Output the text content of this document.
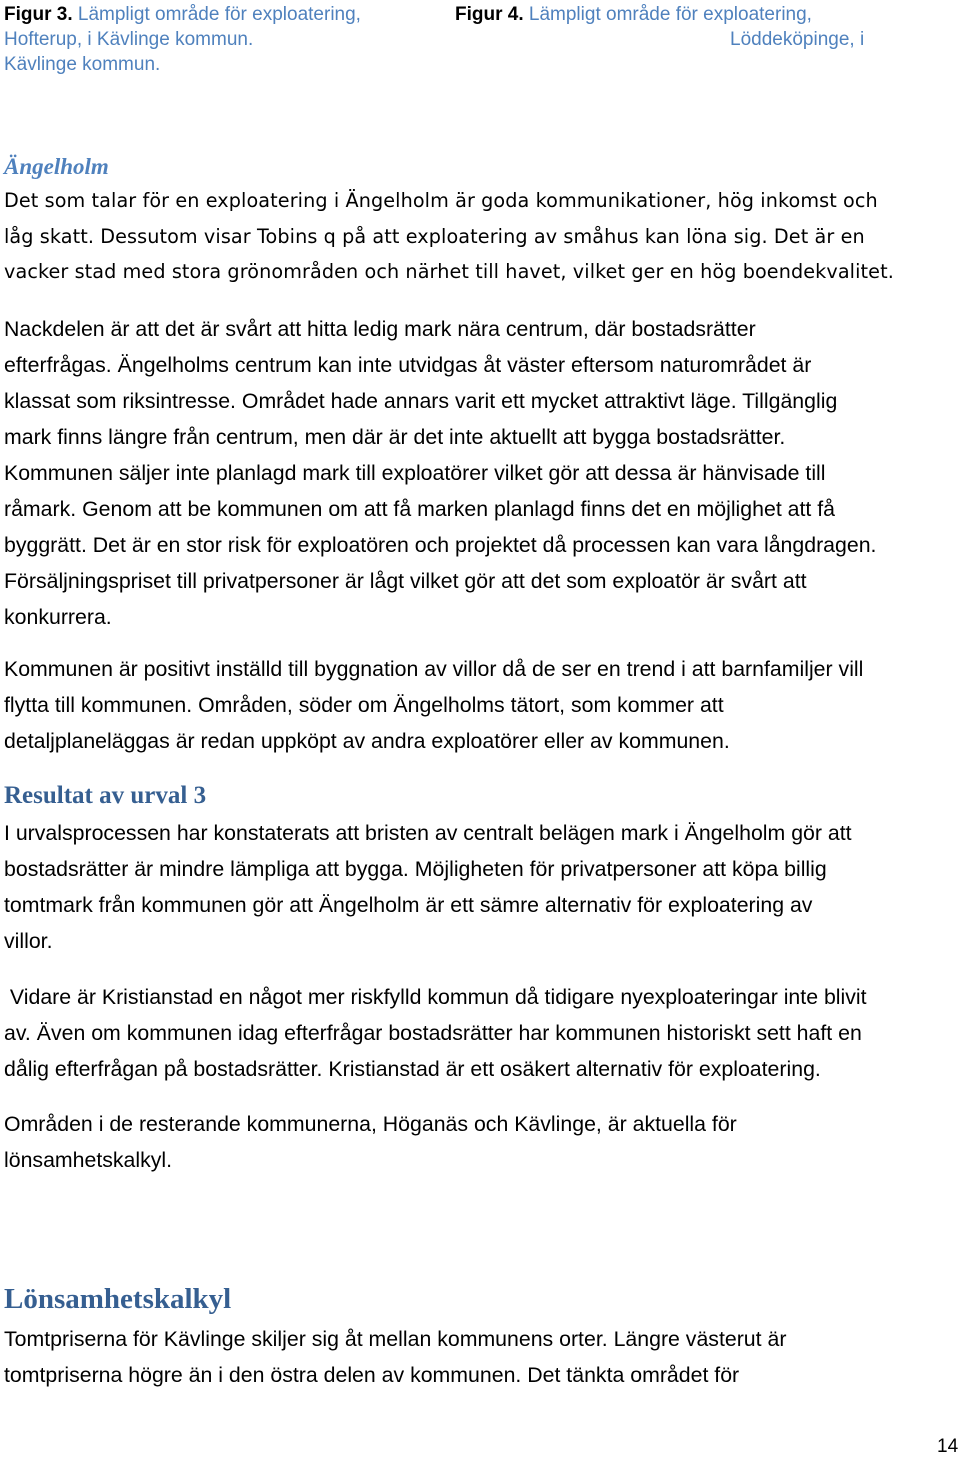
Figur 3. Lämpligt område för exploatering,
Hofterup, i Kävlinge kommun.
Kävlinge kommun.
Figur 4. Lämpligt område för exploatering,
Löddeköpinge, i
Ängelholm
Det som talar för en exploatering i Ängelholm är goda kommunikationer, hög inkomst och
låg skatt. Dessutom visar Tobins q på att exploatering av småhus kan löna sig. Det är en
vacker stad med stora grönområden och närhet till havet, vilket ger en hög boendekvalitet.
Nackdelen är att det är svårt att hitta ledig mark nära centrum, där bostadsrätter
efterfrågas. Ängelholms centrum kan inte utvidgas åt väster eftersom naturområdet är
klassat som riksintresse. Området hade annars varit ett mycket attraktivt läge. Tillgänglig
mark finns längre från centrum, men där är det inte aktuellt att bygga bostadsrätter.
Kommunen säljer inte planlagd mark till exploatörer vilket gör att dessa är hänvisade till
råmark. Genom att be kommunen om att få marken planlagd finns det en möjlighet att få
byggrätt. Det är en stor risk för exploatören och projektet då processen kan vara långdragen.
Försäljningspriset till privatpersoner är lågt vilket gör att det som exploatör är svårt att
konkurrera.
Kommunen är positivt inställd till byggnation av villor då de ser en trend i att barnfamiljer vill
flytta till kommunen. Områden, söder om Ängelholms tätort, som kommer att
detaljplaneläggas är redan uppköpt av andra exploatörer eller av kommunen.
Resultat av urval 3
I urvalsprocessen har konstaterats att bristen av centralt belägen mark i Ängelholm gör att
bostadsrätter är mindre lämpliga att bygga. Möjligheten för privatpersoner att köpa billig
tomtmark från kommunen gör att Ängelholm är ett sämre alternativ för exploatering av
villor.
Vidare är Kristianstad en något mer riskfylld kommun då tidigare nyexploateringar inte blivit
av. Även om kommunen idag efterfrågar bostadsrätter har kommunen historiskt sett haft en
dålig efterfrågan på bostadsrätter. Kristianstad är ett osäkert alternativ för exploatering.
Områden i de resterande kommunerna, Höganäs och Kävlinge, är aktuella för
lönsamhetskalkyl.
Lönsamhetskalkyl
Tomtpriserna för Kävlinge skiljer sig åt mellan kommunens orter. Längre västerut är
tomtpriserna högre än i den östra delen av kommunen. Det tänkta området för
14
